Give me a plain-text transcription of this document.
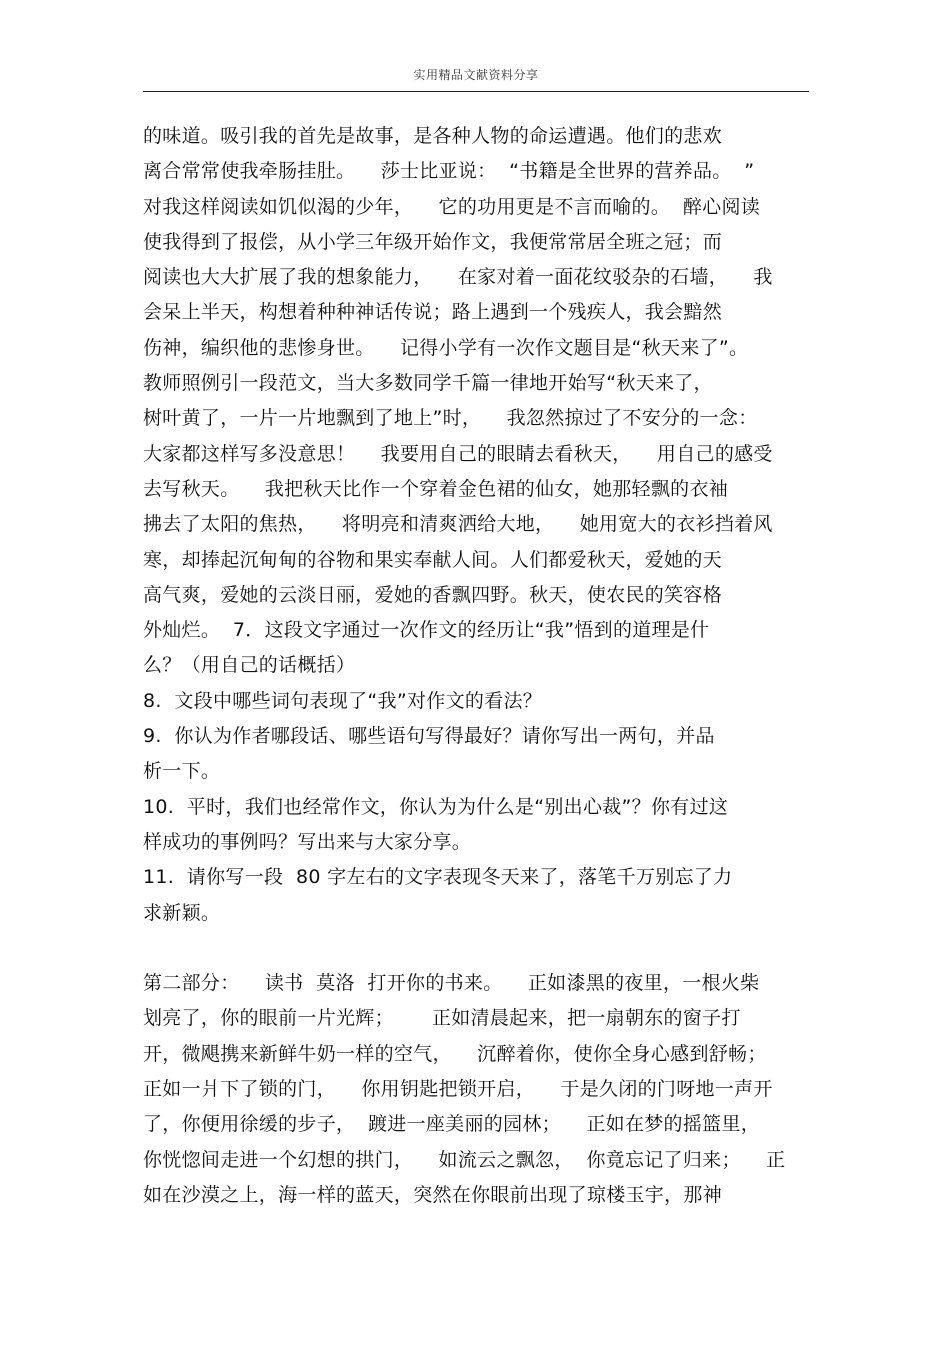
实用精品文献资料分享
的味道。吸引我的首先是故事，是各种人物的命运遭遇。他们的悲欢
离合常常使我牵肠挂肚。    莎士比亚说：  “书籍是全世界的营养品。  ”
对我这样阅读如饥似渴的少年，    它的功用更是不言而喻的。  醉心阅读
使我得到了报偿，从小学三年级开始作文，我便常常居全班之冠；而
阅读也大大扩展了我的想象能力，    在家对着一面花纹驳杂的石墙，    我
会呆上半天，构想着种种神话传说；路上遇到一个残疾人，我会黯然
伤神，编织他的悲惨身世。    记得小学有一次作文题目是“秋天来了”。
教师照例引一段范文，当大多数同学千篇一律地开始写“秋天来了，
树叶黄了，一片一片地飘到了地上”时，    我忽然掠过了不安分的一念：
大家都这样写多没意思！    我要用自己的眼睛去看秋天，    用自己的感受
去写秋天。    我把秋天比作一个穿着金色裙的仙女，她那轻飘的衣袖
拂去了太阳的焦热，    将明亮和清爽洒给大地，    她用宽大的衣衫挡着风
寒，却捧起沉甸甸的谷物和果实奉献人间。人们都爱秋天，爱她的天
高气爽，爱她的云淡日丽，爱她的香飘四野。秋天，使农民的笑容格
外灿烂。  7．这段文字通过一次作文的经历让“我”悟到的道理是什
么？（用自己的话概括）
8.  文段中哪些词句表现了“我”对作文的看法？
9.  你认为作者哪段话、哪些语句写得最好？请你写出一两句，并品
析一下。
10.  平时，我们也经常作文，你认为为什么是“别出心裁”？你有过这
样成功的事例吗？写出来与大家分享。
11.  请你写一段  80 字左右的文字表现冬天来了，落笔千万别忘了力
求新颖。
第二部分：    读书  莫洛  打开你的书来。    正如漆黑的夜里，一根火柴
划亮了，你的眼前一片光辉；      正如清晨起来，把一扇朝东的窗子打
开，微飓携来新鲜牛奶一样的空气，    沉醉着你，使你全身心感到舒畅；
正如一爿下了锁的门，    你用钥匙把锁开启，    于是久闭的门呀地一声开
了，你便用徐缓的步子，  踱进一座美丽的园林；    正如在梦的摇篮里，
你恍惚间走进一个幻想的拱门，    如流云之飘忽，  你竟忘记了归来；    正
如在沙漠之上，海一样的蓝天，突然在你眼前出现了琼楼玉宇，那神
